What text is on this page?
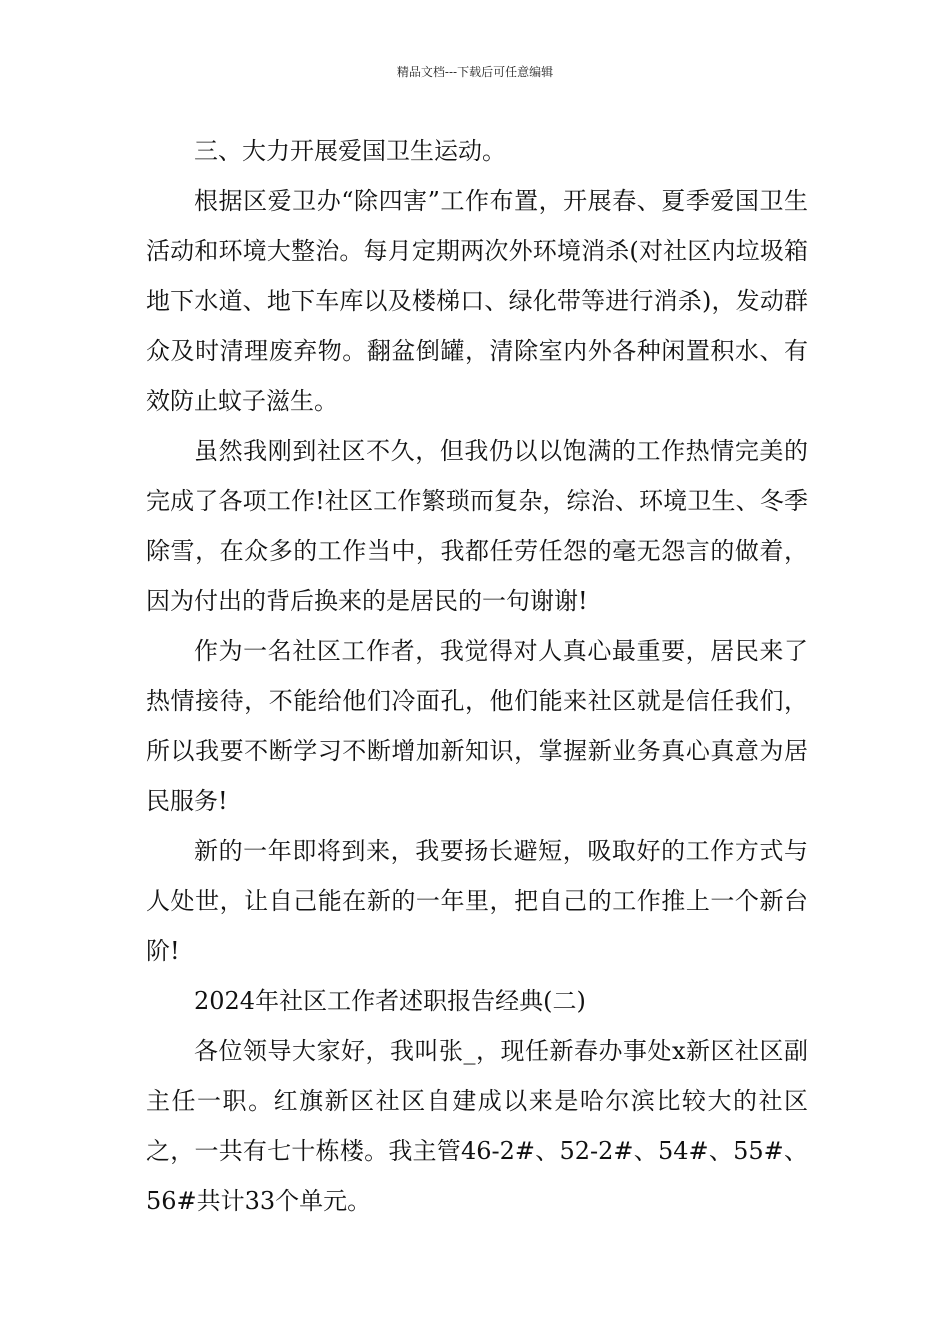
精品文档---下载后可任意编辑

三、大力开展爱国卫生运动。

根据区爱卫办“除四害”工作布置，开展春、夏季爱国卫生活动和环境大整治。每月定期两次外环境消杀(对社区内垃圾箱地下水道、地下车库以及楼梯口、绿化带等进行消杀)，发动群众及时清理废弃物。翻盆倒罐，清除室内外各种闲置积水、有效防止蚊子滋生。

虽然我刚到社区不久，但我仍以以饱满的工作热情完美的完成了各项工作!社区工作繁琐而复杂，综治、环境卫生、冬季除雪，在众多的工作当中，我都任劳任怨的毫无怨言的做着，因为付出的背后换来的是居民的一句谢谢!

作为一名社区工作者，我觉得对人真心最重要，居民来了热情接待，不能给他们冷面孔，他们能来社区就是信任我们，所以我要不断学习不断增加新知识，掌握新业务真心真意为居民服务!

新的一年即将到来，我要扬长避短，吸取好的工作方式与人处世，让自己能在新的一年里，把自己的工作推上一个新台阶!

2024年社区工作者述职报告经典(二)

各位领导大家好，我叫张_，现任新春办事处x新区社区副主任一职。红旗新区社区自建成以来是哈尔滨比较大的社区之，一共有七十栋楼。我主管46-2#、52-2#、54#、55#、56#共计33个单元。
